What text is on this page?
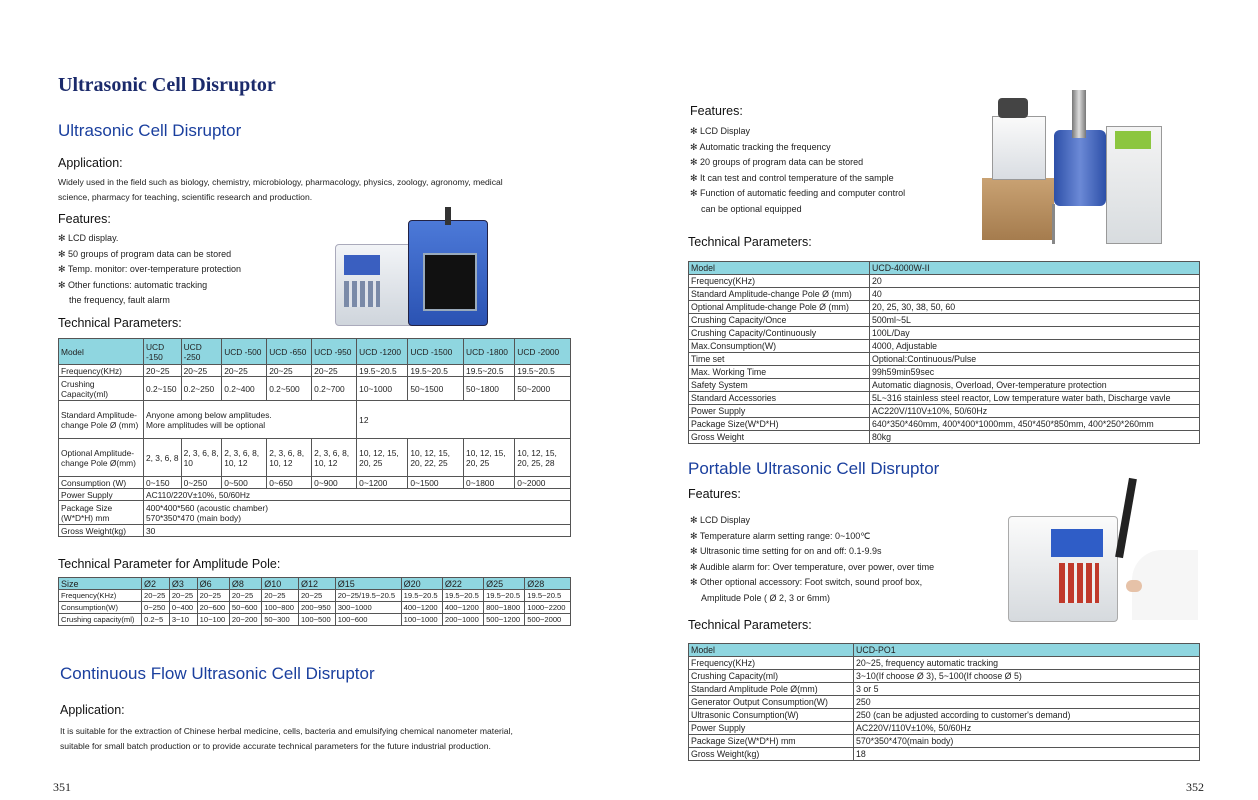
Ultrasonic Cell Disruptor
Ultrasonic Cell Disruptor
Application:
Widely used in the field such as biology, chemistry, microbiology, pharmacology, physics, zoology, agronomy, medical
science, pharmacy for teaching, scientific research and production.
Features:
✻ LCD display.
✻ 50 groups of program data can be stored
✻ Temp. monitor: over-temperature protection
✻ Other functions: automatic tracking
the frequency, fault alarm
Technical Parameters:
Model	UCD -150	UCD -250	UCD -500	UCD -650	UCD -950	UCD -1200	UCD -1500	UCD -1800	UCD -2000
Frequency(KHz)	20~25	20~25	20~25	20~25	20~25	19.5~20.5	19.5~20.5	19.5~20.5	19.5~20.5
Crushing Capacity(ml)	0.2~150	0.2~250	0.2~400	0.2~500	0.2~700	10~1000	50~1500	50~1800	50~2000
Standard Amplitude-change Pole Ø (mm)	Anyone among below amplitudes.
More amplitudes will be optional					12			
Optional Amplitude-change Pole Ø(mm)	2, 3, 6, 8	2, 3, 6, 8, 10	2, 3, 6, 8, 10, 12	2, 3, 6, 8, 10, 12	2, 3, 6, 8, 10, 12	10, 12, 15, 20, 25	10, 12, 15, 20, 22, 25	10, 12, 15, 20, 25	10, 12, 15, 20, 25, 28
Consumption (W)	0~150	0~250	0~500	0~650	0~900	0~1200	0~1500	0~1800	0~2000
Power Supply	AC110/220V±10%, 50/60Hz								
Package Size (W*D*H) mm	400*400*560 (acoustic chamber)
570*350*470 (main body)								

Gross Weight(kg)	30								
Technical Parameter for Amplitude Pole:
Size	Ø2	Ø3	Ø6	Ø8	Ø10	Ø12	Ø15	Ø20	Ø22	Ø25	Ø28
Frequency(KHz)	20~25	20~25	20~25	20~25	20~25	20~25	20~25/19.5~20.5	19.5~20.5	19.5~20.5	19.5~20.5	19.5~20.5
Consumption(W)	0~250	0~400	20~600	50~600	100~800	200~950	300~1000	400~1200	400~1200	800~1800	1000~2200
Crushing capacity(ml)	0.2~5	3~10	10~100	20~200	50~300	100~500	100~600	100~1000	200~1000	500~1200	500~2000
Continuous Flow Ultrasonic Cell Disruptor
Application:
It is suitable for the extraction of Chinese herbal medicine, cells, bacteria and emulsifying chemical nanometer material,
suitable for small batch production or to provide accurate technical parameters for the future industrial production.
351
Features:
✻ LCD Display
✻ Automatic tracking the frequency
✻ 20 groups of program data can be stored
✻ It can test and control temperature of the sample
✻ Function of automatic feeding and computer control
can be optional equipped
Technical Parameters:
Model	UCD-4000W-II
Frequency(KHz)	20
Standard Amplitude-change Pole Ø (mm)	40
Optional Amplitude-change Pole Ø (mm)	20, 25, 30, 38, 50, 60
Crushing Capacity/Once	500ml~5L
Crushing Capacity/Continuously	100L/Day
Max.Consumption(W)	4000, Adjustable
Time set	Optional:Continuous/Pulse
Max. Working Time	99h59min59sec
Safety System	Automatic diagnosis, Overload, Over-temperature protection
Standard Accessories	5L~316 stainless steel reactor, Low temperature water bath, Discharge vavle
Power Supply	AC220V/110V±10%, 50/60Hz
Package Size(W*D*H)	640*350*460mm, 400*400*1000mm, 450*450*850mm, 400*250*260mm
Gross Weight	80kg
Portable Ultrasonic Cell Disruptor
Features:
✻ LCD Display
✻ Temperature alarm setting range: 0~100℃
✻ Ultrasonic time setting for on and off: 0.1-9.9s
✻ Audible alarm for: Over temperature, over power, over time
✻ Other optional accessory: Foot switch, sound proof box,
Amplitude Pole ( Ø 2, 3 or 6mm)
Technical Parameters:
Model	UCD-PO1
Frequency(KHz)	20~25, frequency automatic tracking
Crushing Capacity(ml)	3~10(If choose Ø 3), 5~100(If choose Ø 5)
Standard Amplitude Pole Ø(mm)	3 or 5
Generator Output Consumption(W)	250
Ultrasonic Consumption(W)	250 (can be adjusted according to customer's demand)
Power Supply	AC220V/110V±10%, 50/60Hz
Package Size(W*D*H) mm	570*350*470(main body)
Gross Weight(kg)	18
352
